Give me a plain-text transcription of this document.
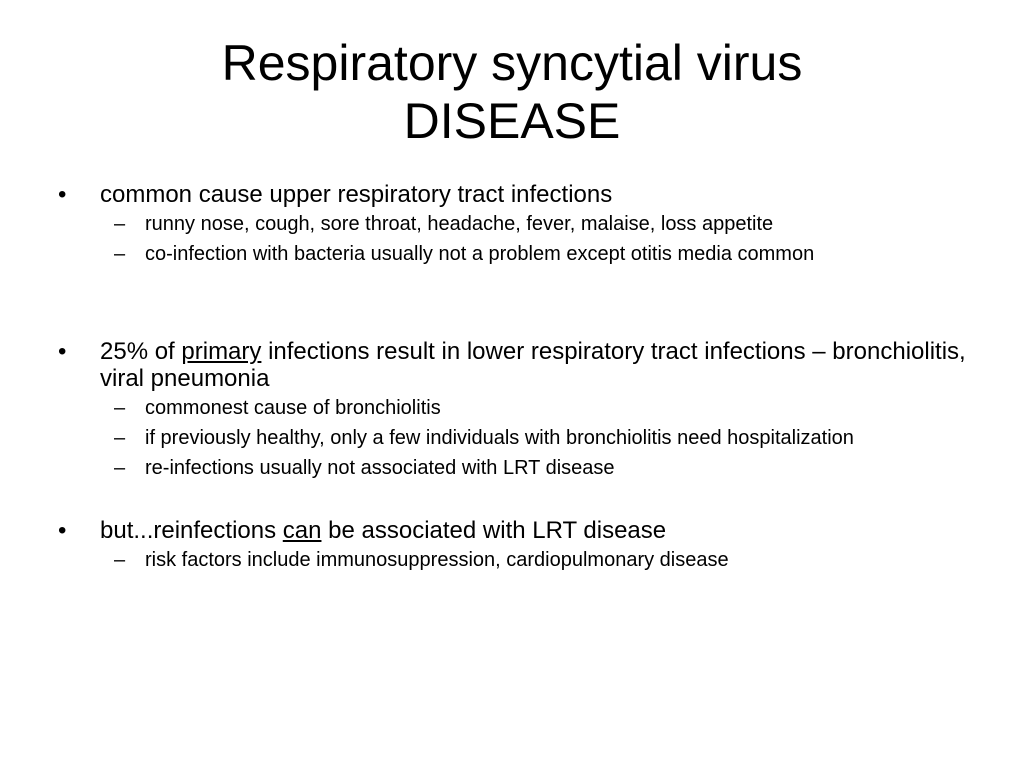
Respiratory syncytial virus
DISEASE
• common cause upper respiratory tract infections
– runny nose, cough, sore throat, headache, fever, malaise, loss appetite
– co-infection with bacteria usually not a problem except otitis media common
• 25% of primary infections result in lower respiratory tract infections – bronchiolitis, viral pneumonia
– commonest cause of bronchiolitis
– if previously healthy, only a few individuals with bronchiolitis need hospitalization
– re-infections usually not associated with LRT disease
• but...reinfections can be associated with LRT disease
– risk factors include immunosuppression, cardiopulmonary disease
